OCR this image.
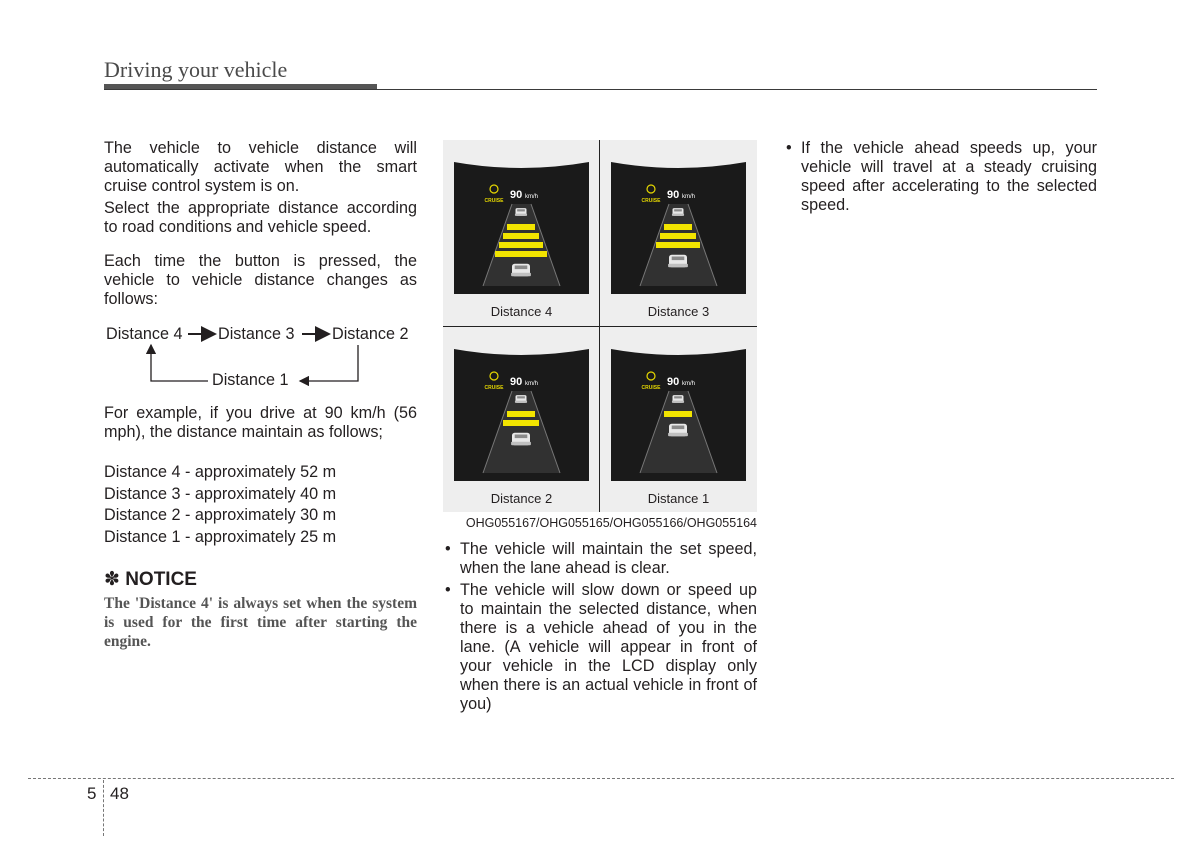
Driving your vehicle

The vehicle to vehicle distance will automatically activate when the smart cruise control system is on.

Select the appropriate distance according to road conditions and vehicle speed.

Each time the button is pressed, the vehicle to vehicle distance changes as follows:

Distance 4 Distance 3 Distance 2
Distance 1

For example, if you drive at 90 km/h (56 mph), the distance maintain as follows;

Distance 4 - approximately 52 m
Distance 3 - approximately 40 m
Distance 2 - approximately 30 m
Distance 1 - approximately 25 m
✽ NOTICE
The 'Distance 4' is always set when the system is used for the first time after starting the engine.
CRUISE 90 km/h
Distance 4
CRUISE 90 km/h
Distance 3
CRUISE 90 km/h
Distance 2
CRUISE 90 km/h
Distance 1
OHG055167/OHG055165/OHG055166/OHG055164
• The vehicle will maintain the set speed, when the lane ahead is clear.
• The vehicle will slow down or speed up to maintain the selected distance, when there is a vehicle ahead of you in the lane. (A vehicle will appear in front of your vehicle in the LCD display only when there is an actual vehicle in front of you)
• If the vehicle ahead speeds up, your vehicle will travel at a steady cruising speed after accelerating to the selected speed.
5 48
